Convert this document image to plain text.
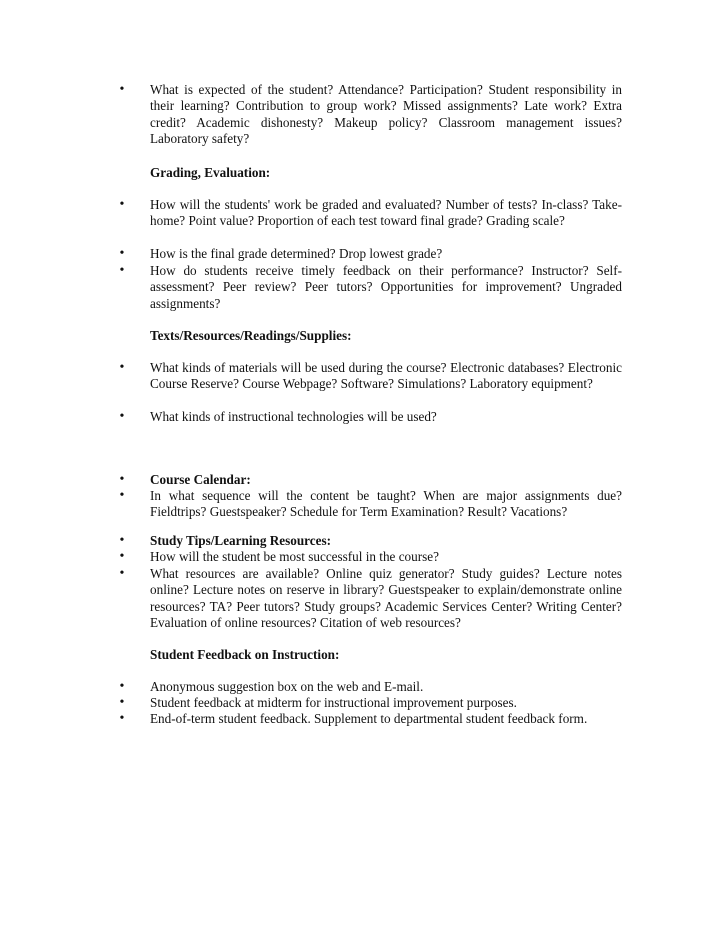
• What is expected of the student? Attendance? Participation? Student responsibility in their learning? Contribution to group work? Missed assignments? Late work? Extra credit? Academic dishonesty? Makeup policy? Classroom management issues? Laboratory safety?

Grading, Evaluation:
• How will the students' work be graded and evaluated? Number of tests? In-class? Take-home? Point value? Proportion of each test toward final grade? Grading scale?

• How is the final grade determined? Drop lowest grade?

• How do students receive timely feedback on their performance? Instructor? Self-assessment? Peer review? Peer tutors? Opportunities for improvement? Ungraded assignments?

Texts/Resources/Readings/Supplies:
• What kinds of materials will be used during the course? Electronic databases? Electronic Course Reserve? Course Webpage? Software? Simulations? Laboratory equipment?

• What kinds of instructional technologies will be used?

• Course Calendar:

• In what sequence will the content be taught? When are major assignments due? Fieldtrips? Guestspeaker? Schedule for Term Examination? Result? Vacations?

• Study Tips/Learning Resources:

• How will the student be most successful in the course?

• What resources are available? Online quiz generator? Study guides? Lecture notes online? Lecture notes on reserve in library? Guestspeaker to explain/demonstrate online resources? TA? Peer tutors? Study groups? Academic Services Center? Writing Center? Evaluation of online resources? Citation of web resources?

Student Feedback on Instruction:
• Anonymous suggestion box on the web and E-mail.

• Student feedback at midterm for instructional improvement purposes.

• End-of-term student feedback. Supplement to departmental student feedback form.
